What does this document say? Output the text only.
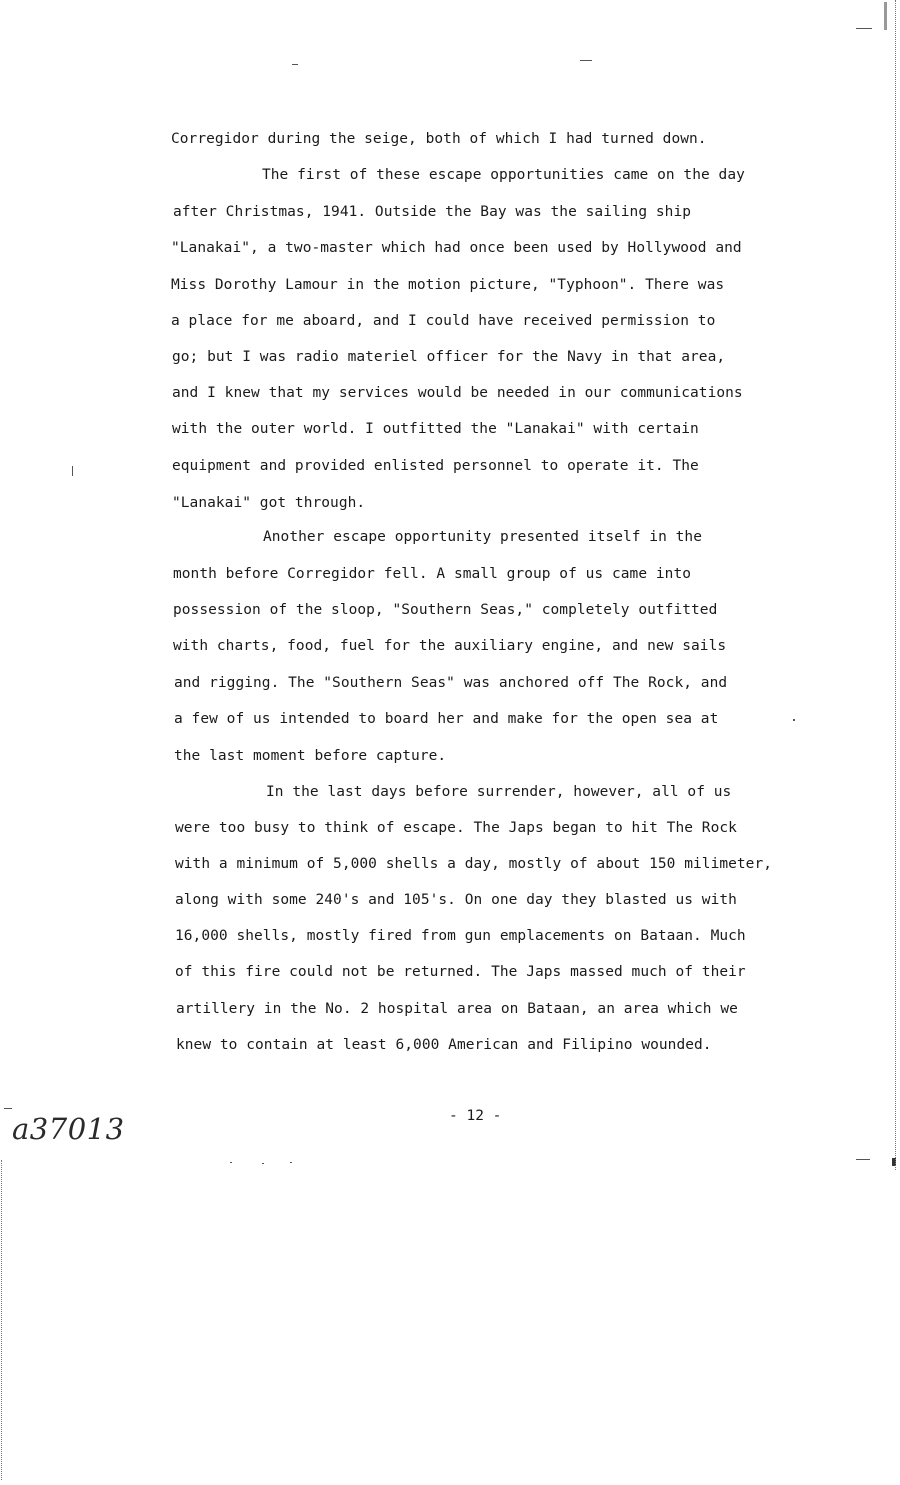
Corregidor during the seige, both of which I had turned down.
The first of these escape opportunities came on the day
after Christmas, 1941. Outside the Bay was the sailing ship
"Lanakai", a two-master which had once been used by Hollywood and
Miss Dorothy Lamour in the motion picture, "Typhoon". There was
a place for me aboard, and I could have received permission to
go; but I was radio materiel officer for the Navy in that area,
and I knew that my services would be needed in our communications
with the outer world. I outfitted the "Lanakai" with certain
equipment and provided enlisted personnel to operate it. The
"Lanakai" got through.
Another escape opportunity presented itself in the
month before Corregidor fell. A small group of us came into
possession of the sloop, "Southern Seas," completely outfitted
with charts, food, fuel for the auxiliary engine, and new sails
and rigging. The "Southern Seas" was anchored off The Rock, and
a few of us intended to board her and make for the open sea at
the last moment before capture.
In the last days before surrender, however, all of us
were too busy to think of escape. The Japs began to hit The Rock
with a minimum of 5,000 shells a day, mostly of about 150 milimeter,
along with some 240's and 105's. On one day they blasted us with
16,000 shells, mostly fired from gun emplacements on Bataan. Much
of this fire could not be returned. The Japs massed much of their
artillery in the No. 2 hospital area on Bataan, an area which we
knew to contain at least 6,000 American and Filipino wounded.
- 12 -
a37013
